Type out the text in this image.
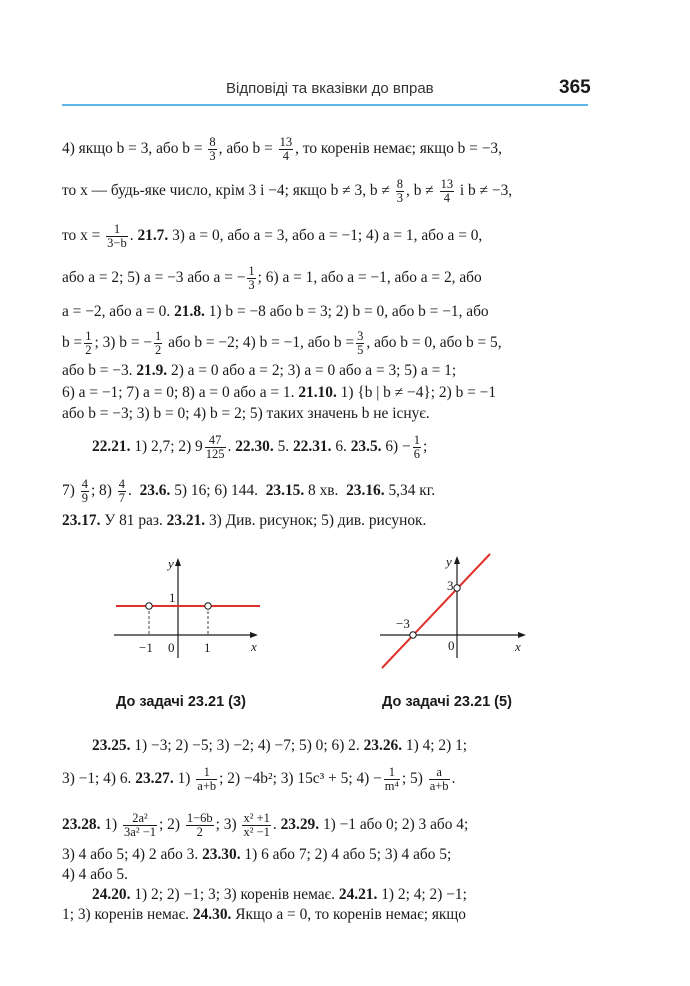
Відповіді та вказівки до вправ	365
4) якщо b = 3, або $b = \frac{8}{3}$ , або $b = \frac{13}{4}$ , то коренів немає; якщо b = −3,
то x — будь-яке число, крім 3 і −4; якщо b ≠ 3, $b \ne \frac{8}{3}$ , $b \ne \frac{13}{4}$ і b ≠ −3,
то $x = \frac{1}{3-b}$ . 21.7. 3) a = 0, або a = 3, або a = −1; 4) a = 1, або a = 0,
або a = 2; 5) a = −3 або a = − $\frac{1}{3}$ ; 6) a = 1, або a = −1, або a = 2, або
a = −2, або a = 0. 21.8. 1) b = −8 або b = 3; 2) b = 0, або b = −1, або
$b = \frac{1}{2}$ ; 3) b = − $\frac{1}{2}$ або b = −2; 4) b = −1, або $b = \frac{3}{5}$ , або b = 0, або b = 5,
або b = −3. 21.9. 2) a = 0 або a = 2; 3) a = 0 або a = 3; 5) a = 1;
6) a = −1; 7) a = 0; 8) a = 0 або a = 1. 21.10. 1) {b | b ≠ −4}; 2) b = −1
або b = −3; 3) b = 0; 4) b = 2; 5) таких значень b не існує.
22.21. 1) 2,7; 2) $9 \frac{47}{125}$ . 22.30. 5. 22.31. 6. 23.5. $6) - \frac{1}{6}$ ;
$7) \frac{4}{9}$ ; $8) \frac{4}{7}$ . 23.6. 5) 16; 6) 144. 23.15. 8 хв. 23.16. 5,34 кг.
23.17. У 81 раз. 23.21. 3) Див. рисунок; 5) див. рисунок.
y
x
1
−1 0 1
До задачі 23.21 (3)
y
x
3
−3
0
До задачі 23.21 (5)
23.25. 1) −3; 2) −5; 3) −2; 4) −7; 5) 0; 6) 2. 23.26. 1) 4; 2) 1;
3) −1; 4) 6. 23.27. $1) \frac{1}{a+b}$ ; 2) −4b²; 3) 15c³ + 5; $4) - \frac{1}{\text{m⁴}}$ ; $5) \frac{a}{a+b}$ .
23.28. $1) \frac{\text{2a²}}{\text{3a² −1}}$ ; $2) \frac{1-6b}{2}$ ; $3) \frac{\text{x² +1}}{\text{x² −1}}$ . 23.29. 1) −1 або 0; 2) 3 або 4;
3) 4 або 5; 4) 2 або 3. 23.30. 1) 6 або 7; 2) 4 або 5; 3) 4 або 5;
4) 4 або 5.
24.20. 1) 2; 2) −1; 3; 3) коренів немає. 24.21. 1) 2; 4; 2) −1;
1; 3) коренів немає. 24.30. Якщо a = 0, то коренів немає; якщо
